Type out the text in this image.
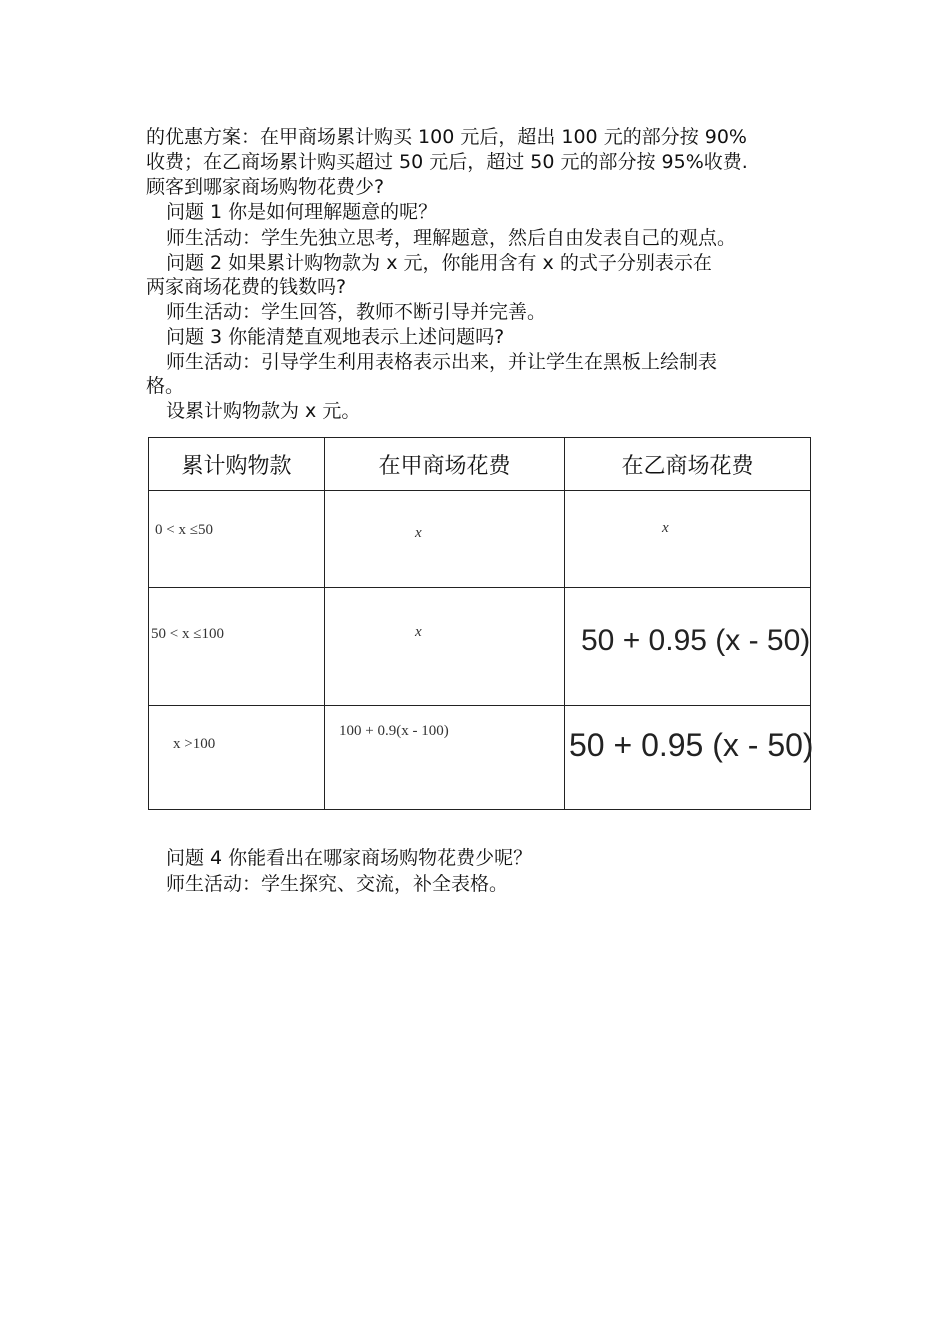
的优惠方案：在甲商场累计购买 100 元后，超出 100 元的部分按 90%

收费；在乙商场累计购买超过 50 元后，超过 50 元的部分按 95%收费.

顾客到哪家商场购物花费少?

问题 1 你是如何理解题意的呢？

师生活动：学生先独立思考，理解题意，然后自由发表自己的观点。

问题 2 如果累计购物款为 x 元，你能用含有 x 的式子分别表示在

两家商场花费的钱数吗?

师生活动：学生回答，教师不断引导并完善。

问题 3 你能清楚直观地表示上述问题吗?

师生活动：引导学生利用表格表示出来，并让学生在黑板上绘制表

格。

设累计购物款为 x 元。

累计购物款	在甲商场花费	在乙商场花费

0 < x ≤50	x	x

50 < x ≤100	x	50 + 0.95 (x - 50)

x >100	100 + 0.9(x - 100)	50 + 0.95 (x - 50)

问题 4 你能看出在哪家商场购物花费少呢？

师生活动：学生探究、交流，补全表格。
